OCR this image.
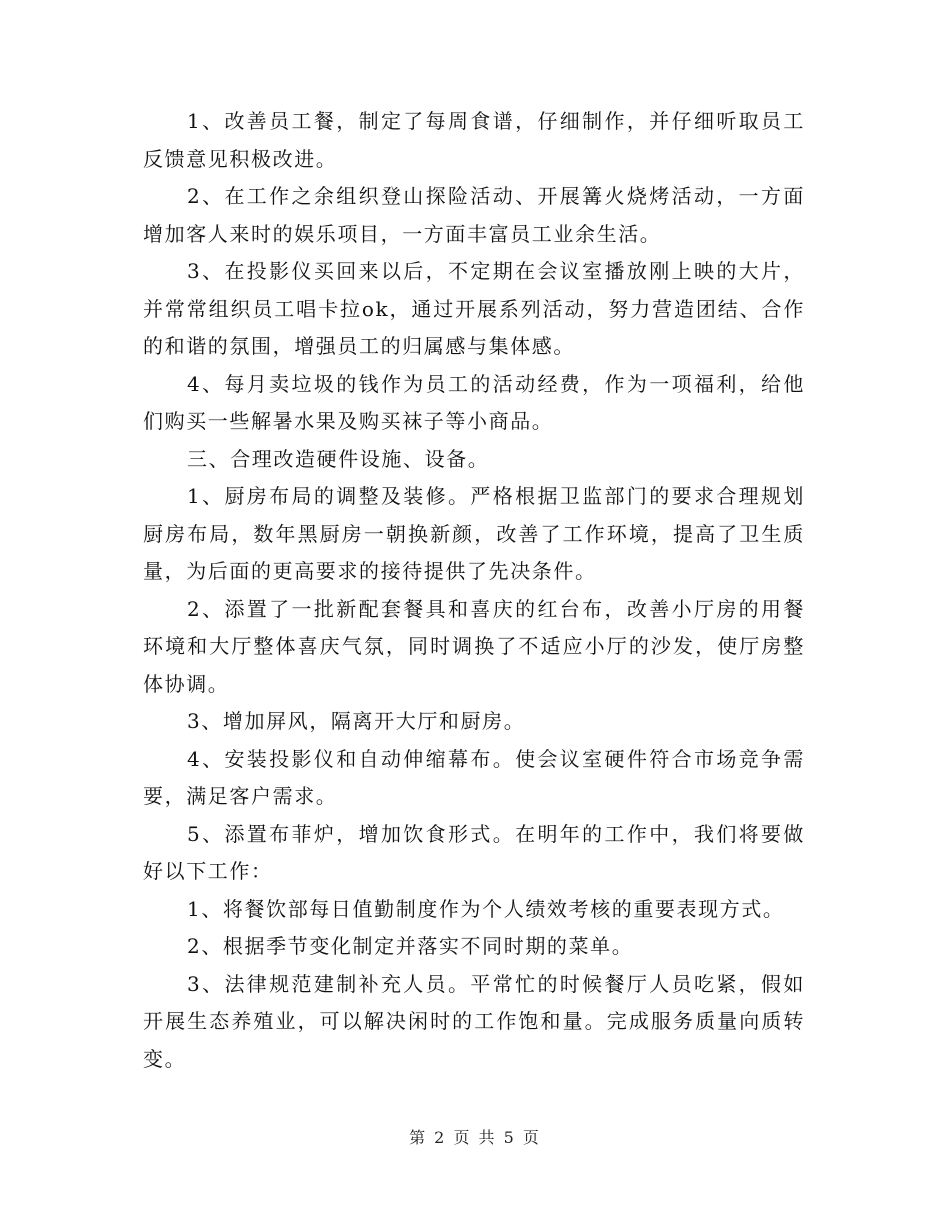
1、改善员工餐，制定了每周食谱，仔细制作，并仔细听取员工反馈意见积极改进。

2、在工作之余组织登山探险活动、开展篝火烧烤活动，一方面增加客人来时的娱乐项目，一方面丰富员工业余生活。

3、在投影仪买回来以后，不定期在会议室播放刚上映的大片，并常常组织员工唱卡拉ok，通过开展系列活动，努力营造团结、合作的和谐的氛围，增强员工的归属感与集体感。

4、每月卖垃圾的钱作为员工的活动经费，作为一项福利，给他们购买一些解暑水果及购买袜子等小商品。

三、合理改造硬件设施、设备。

1、厨房布局的调整及装修。严格根据卫监部门的要求合理规划厨房布局，数年黑厨房一朝换新颜，改善了工作环境，提高了卫生质量，为后面的更高要求的接待提供了先决条件。

2、添置了一批新配套餐具和喜庆的红台布，改善小厅房的用餐环境和大厅整体喜庆气氛，同时调换了不适应小厅的沙发，使厅房整体协调。

3、增加屏风，隔离开大厅和厨房。

4、安装投影仪和自动伸缩幕布。使会议室硬件符合市场竞争需要，满足客户需求。

5、添置布菲炉，增加饮食形式。在明年的工作中，我们将要做好以下工作：

1、将餐饮部每日值勤制度作为个人绩效考核的重要表现方式。

2、根据季节变化制定并落实不同时期的菜单。

3、法律规范建制补充人员。平常忙的时候餐厅人员吃紧，假如开展生态养殖业，可以解决闲时的工作饱和量。完成服务质量向质转变。

第 2 页 共 5 页
